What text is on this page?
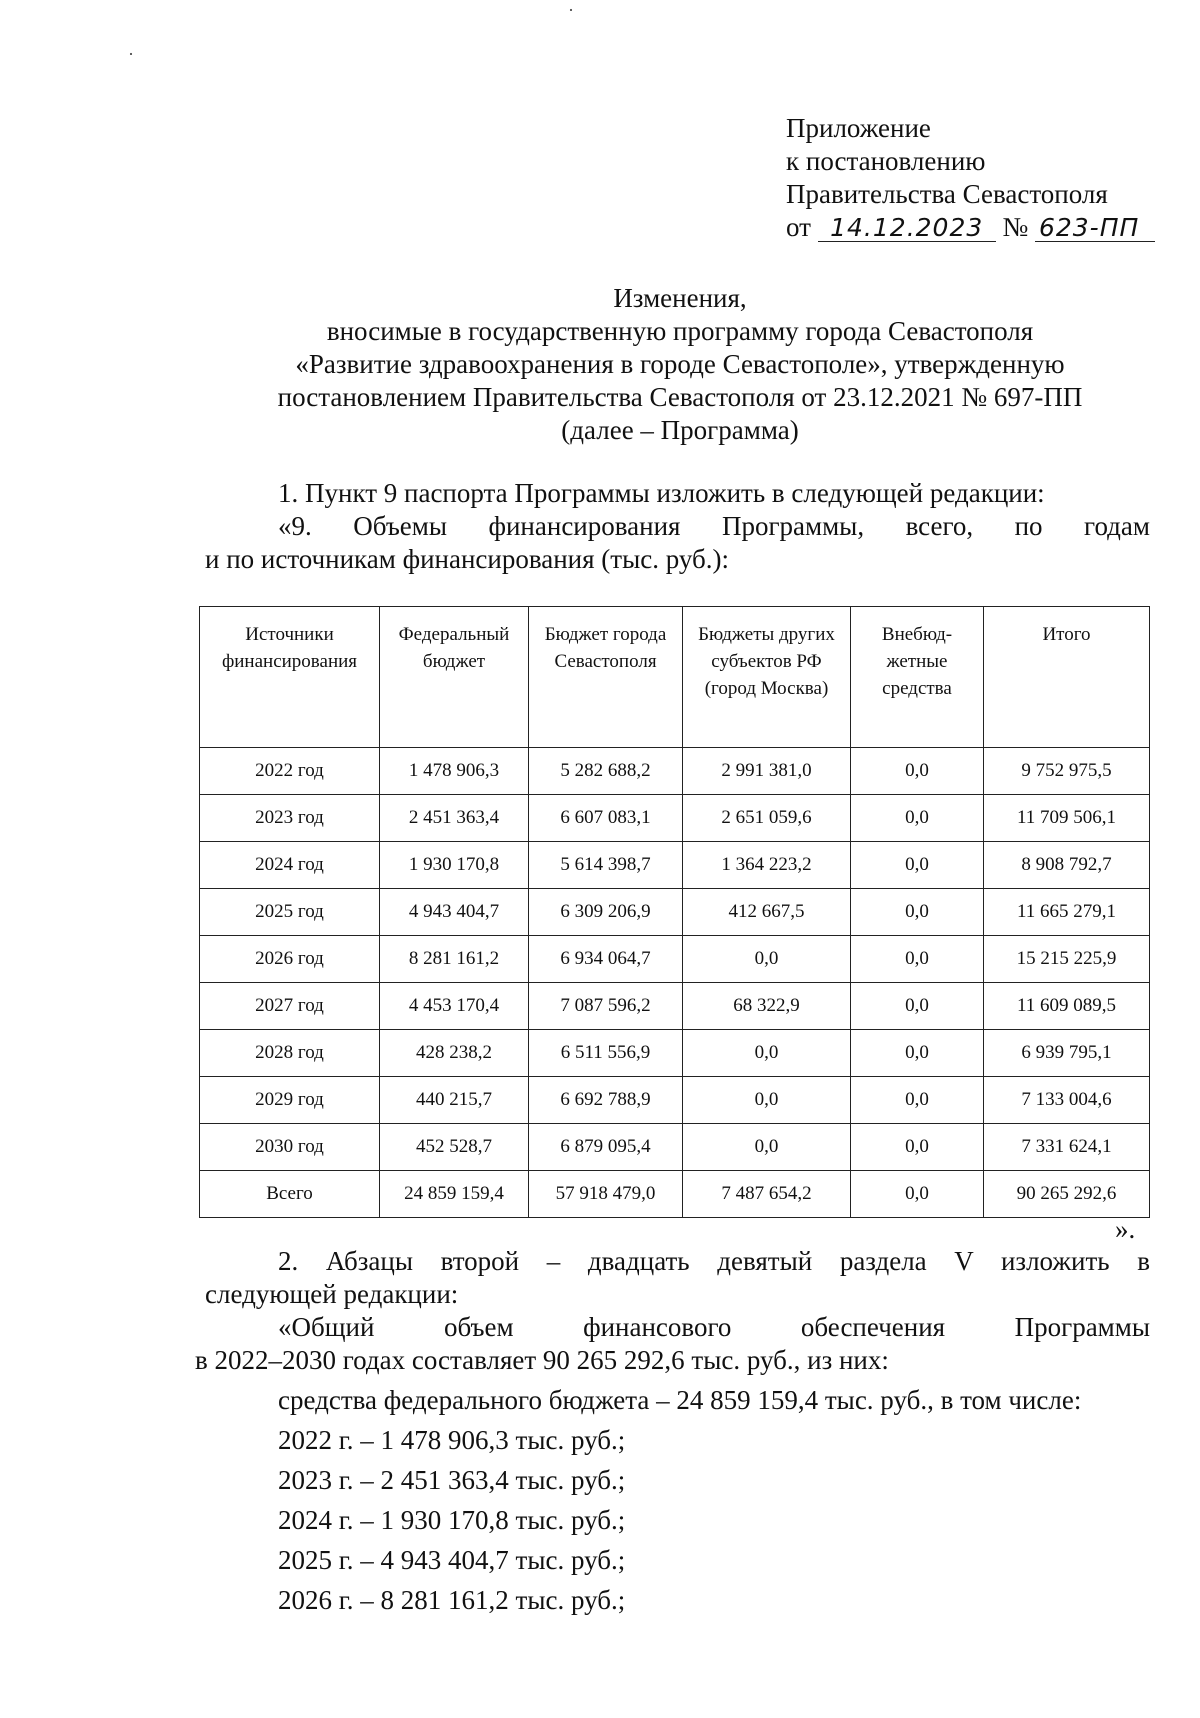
·
·
Приложение
к постановлению
Правительства Севастополя
от 14.12.2023 № 623-ПП
Изменения,
вносимые в государственную программу города Севастополя
«Развитие здравоохранения в городе Севастополе», утвержденную
постановлением Правительства Севастополя от 23.12.2021 № 697-ПП
(далее – Программа)
1. Пункт 9 паспорта Программы изложить в следующей редакции:
«9. Объемы финансирования Программы, всего, по годам
и по источникам финансирования (тыс. руб.):
Источники финансирования	Федеральный бюджет	Бюджет города Севастополя	Бюджеты других субъектов РФ (город Москва)	Внебюд-жетные средства	Итого
2022 год	1 478 906,3	5 282 688,2	2 991 381,0	0,0	9 752 975,5
2023 год	2 451 363,4	6 607 083,1	2 651 059,6	0,0	11 709 506,1
2024 год	1 930 170,8	5 614 398,7	1 364 223,2	0,0	8 908 792,7
2025 год	4 943 404,7	6 309 206,9	412 667,5	0,0	11 665 279,1
2026 год	8 281 161,2	6 934 064,7	0,0	0,0	15 215 225,9
2027 год	4 453 170,4	7 087 596,2	68 322,9	0,0	11 609 089,5
2028 год	428 238,2	6 511 556,9	0,0	0,0	6 939 795,1
2029 год	440 215,7	6 692 788,9	0,0	0,0	7 133 004,6
2030 год	452 528,7	6 879 095,4	0,0	0,0	7 331 624,1
Всего	24 859 159,4	57 918 479,0	7 487 654,2	0,0	90 265 292,6
».
2. Абзацы второй – двадцать девятый раздела V изложить в
следующей редакции:
«Общий объем финансового обеспечения Программы
в 2022–2030 годах составляет 90 265 292,6 тыс. руб., из них:
средства федерального бюджета – 24 859 159,4 тыс. руб., в том числе:
2022 г. – 1 478 906,3 тыс. руб.;
2023 г. – 2 451 363,4 тыс. руб.;
2024 г. – 1 930 170,8 тыс. руб.;
2025 г. – 4 943 404,7 тыс. руб.;
2026 г. – 8 281 161,2 тыс. руб.;
